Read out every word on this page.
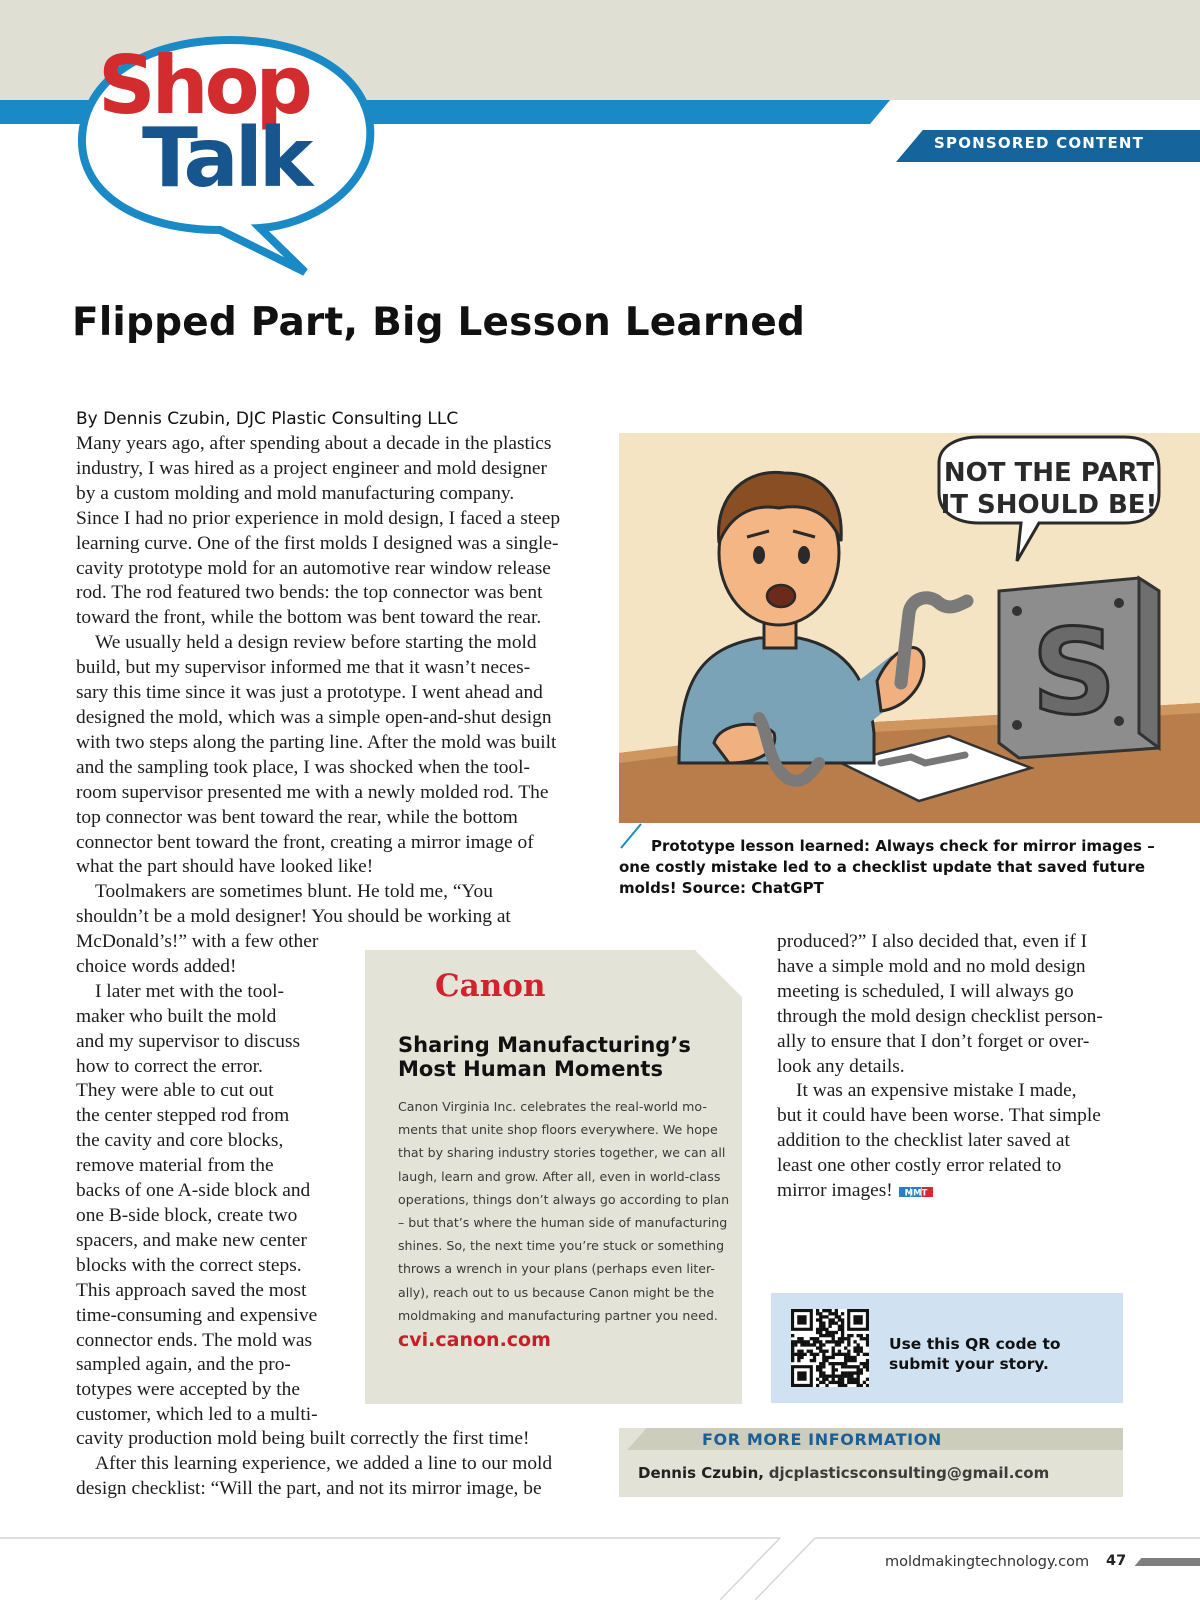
SPONSORED CONTENT
Shop
Talk
Flipped Part, Big Lesson Learned
By Dennis Czubin, DJC Plastic Consulting LLC
Many years ago, after spending about a decade in the plastics
industry, I was hired as a project engineer and mold designer
by a custom molding and mold manufacturing company.
Since I had no prior experience in mold design, I faced a steep
learning curve. One of the first molds I designed was a single-
cavity prototype mold for an automotive rear window release
rod. The rod featured two bends: the top connector was bent
toward the front, while the bottom was bent toward the rear.
We usually held a design review before starting the mold
build, but my supervisor informed me that it wasn’t neces-
sary this time since it was just a prototype. I went ahead and
designed the mold, which was a simple open-and-shut design
with two steps along the parting line. After the mold was built
and the sampling took place, I was shocked when the tool-
room supervisor presented me with a newly molded rod. The
top connector was bent toward the rear, while the bottom
connector bent toward the front, creating a mirror image of
what the part should have looked like!
Toolmakers are sometimes blunt. He told me, “You
shouldn’t be a mold designer! You should be working at
McDonald’s!” with a few other
choice words added!
I later met with the tool-
maker who built the mold
and my supervisor to discuss
how to correct the error.
They were able to cut out
the center stepped rod from
the cavity and core blocks,
remove material from the
backs of one A-side block and
one B-side block, create two
spacers, and make new center
blocks with the correct steps.
This approach saved the most
time-consuming and expensive
connector ends. The mold was
sampled again, and the pro-
totypes were accepted by the
customer, which led to a multi-
cavity production mold being built correctly the first time!
After this learning experience, we added a line to our mold
design checklist: “Will the part, and not its mirror image, be
produced?” I also decided that, even if I
have a simple mold and no mold design
meeting is scheduled, I will always go
through the mold design checklist person-
ally to ensure that I don’t forget or over-
look any details.
It was an expensive mistake I made,
but it could have been worse. That simple
addition to the checklist later saved at
least one other costly error related to
mirror images! MMT
S
NOT THE PART
IT SHOULD BE!
Prototype lesson learned: Always check for mirror images –
one costly mistake led to a checklist update that saved future
molds! Source: ChatGPT
Canon
Sharing Manufacturing’s
Most Human Moments
Canon Virginia Inc. celebrates the real-world mo-
ments that unite shop floors everywhere. We hope
that by sharing industry stories together, we can all
laugh, learn and grow. After all, even in world-class
operations, things don’t always go according to plan
– but that’s where the human side of manufacturing
shines. So, the next time you’re stuck or something
throws a wrench in your plans (perhaps even liter-
ally), reach out to us because Canon might be the
moldmaking and manufacturing partner you need.
cvi.canon.com	Use this QR code to
submit your story.
FOR MORE INFORMATION
Dennis Czubin, djcplasticsconsulting@gmail.com
moldmakingtechnology.com 47
